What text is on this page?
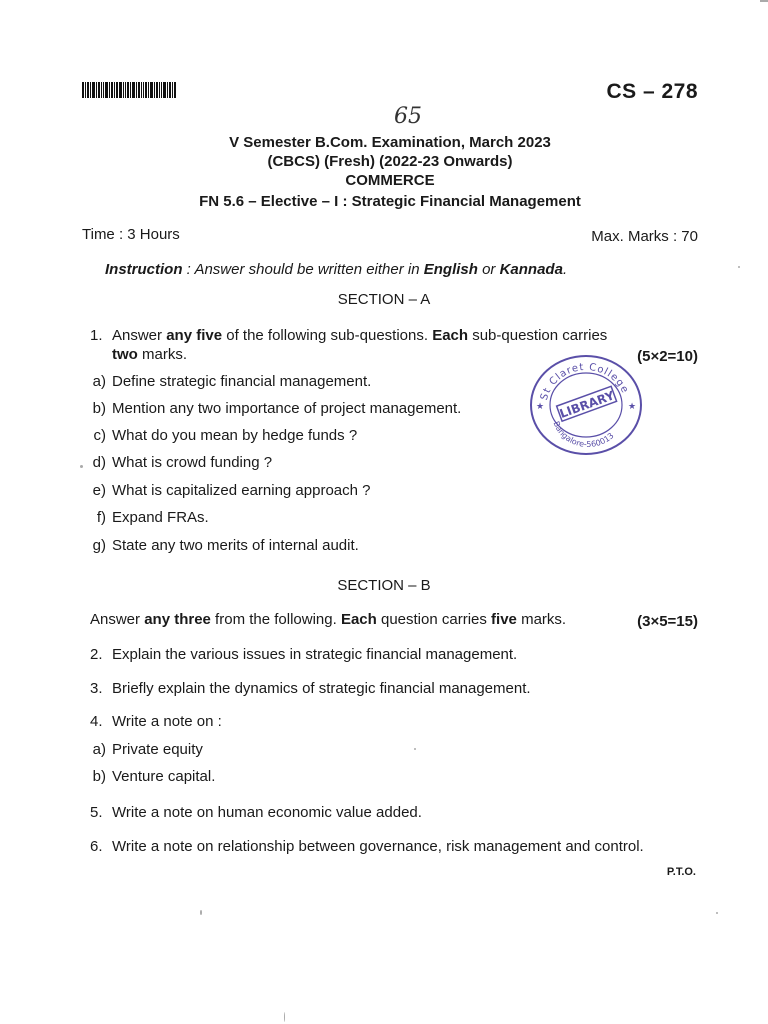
CS – 278
65
V Semester B.Com. Examination, March 2023
(CBCS) (Fresh) (2022-23 Onwards)
COMMERCE
FN 5.6 – Elective – I : Strategic Financial Management
Time : 3 Hours	Max. Marks : 70
Instruction : Answer should be written either in English or Kannada.
SECTION – A
1. Answer any five of the following sub-questions. Each sub-question carries
two marks.	(5×2=10)
a) Define strategic financial management.
b) Mention any two importance of project management.
c) What do you mean by hedge funds ?
d) What is crowd funding ?
e) What is capitalized earning approach ?
f) Expand FRAs.
g) State any two merits of internal audit.
St Claret College
LIBRARY
Bangalore-560013
★	★
SECTION – B
Answer any three from the following. Each question carries five marks.	(3×5=15)
2. Explain the various issues in strategic financial management.
3. Briefly explain the dynamics of strategic financial management.
4. Write a note on :
a) Private equity
b) Venture capital.
5. Write a note on human economic value added.
6. Write a note on relationship between governance, risk management and control.
P.T.O.
